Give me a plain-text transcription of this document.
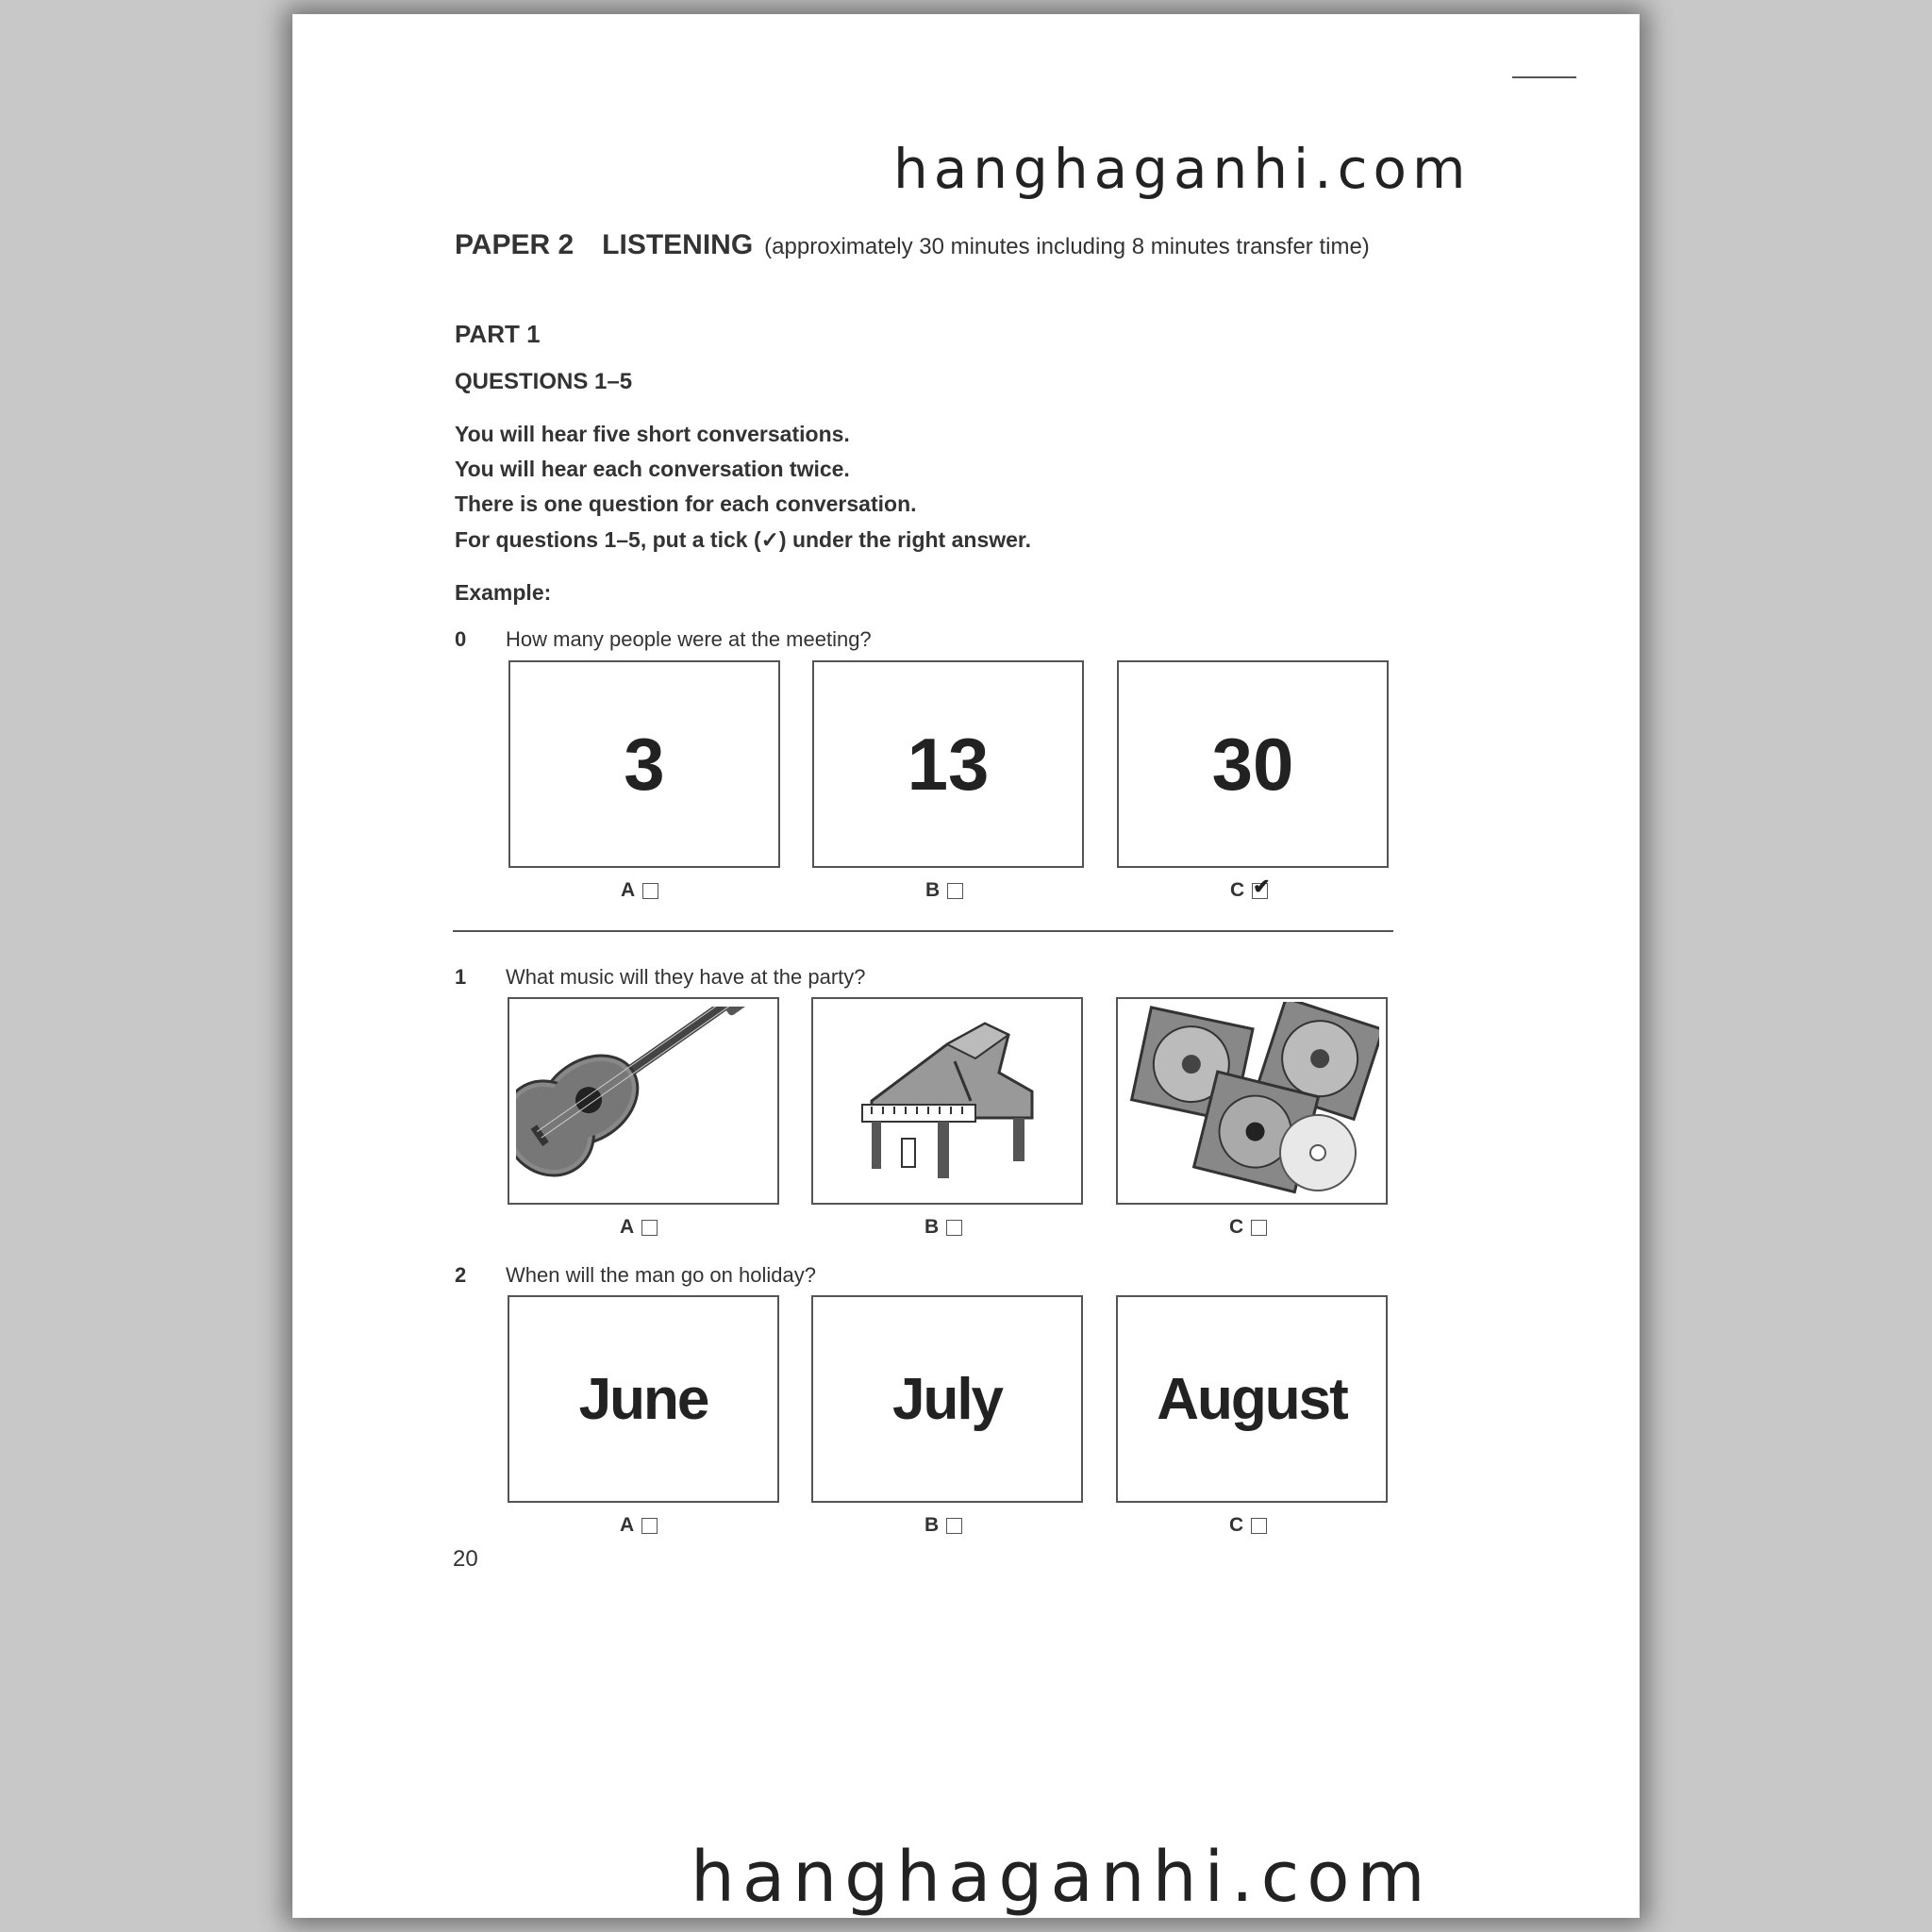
hanghaganhi.com
PAPER 2 LISTENING (approximately 30 minutes including 8 minutes transfer time)
PART 1
QUESTIONS 1–5
You will hear five short conversations.
You will hear each conversation twice.
There is one question for each conversation.
For questions 1–5, put a tick (✓) under the right answer.
Example:
0 How many people were at the meeting?
3	13	30
A	B	C ✔
1 What music will they have at the party?
A	B	C
2 When will the man go on holiday?
June	July	August
A	B	C
20
hanghaganhi.com
